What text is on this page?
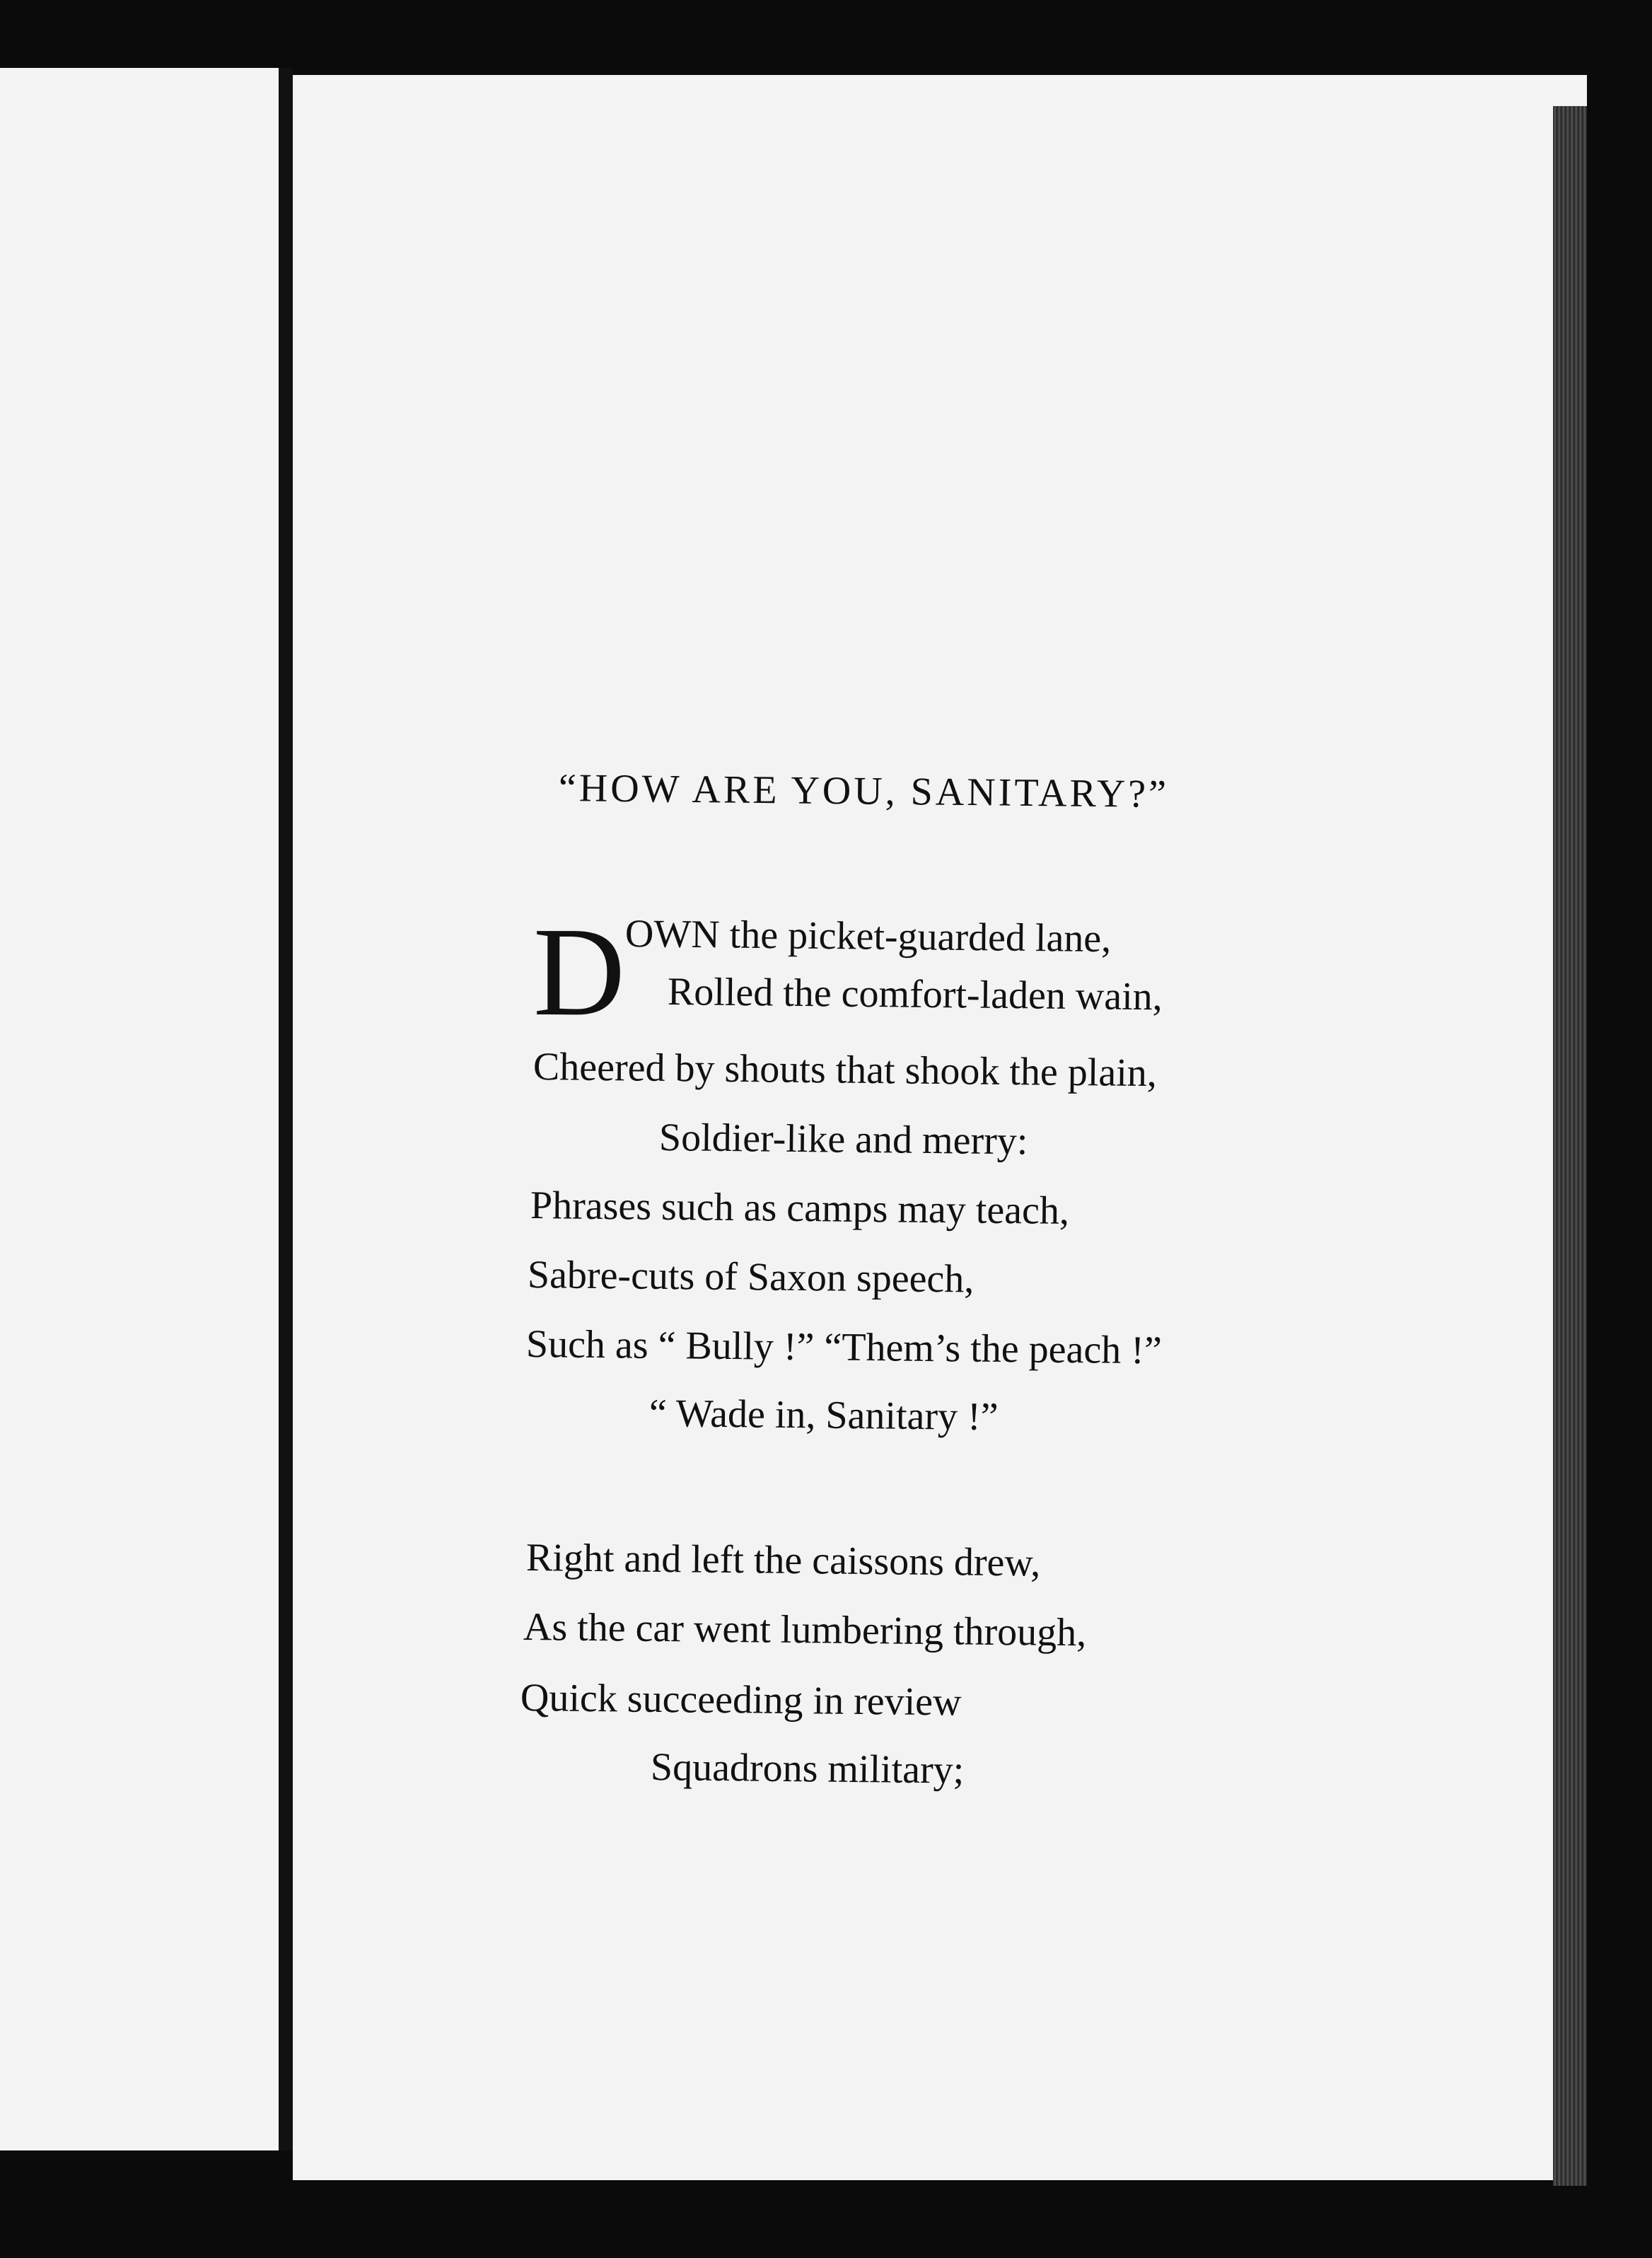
“HOW ARE YOU, SANITARY?”
D OWN the picket-guarded lane,
Rolled the comfort-laden wain,
Cheered by shouts that shook the plain,
Soldier-like and merry:
Phrases such as camps may teach,
Sabre-cuts of Saxon speech,
Such as “ Bully !” “Them’s the peach !”
“ Wade in, Sanitary !”
Right and left the caissons drew,
As the car went lumbering through,
Quick succeeding in review
Squadrons military;
